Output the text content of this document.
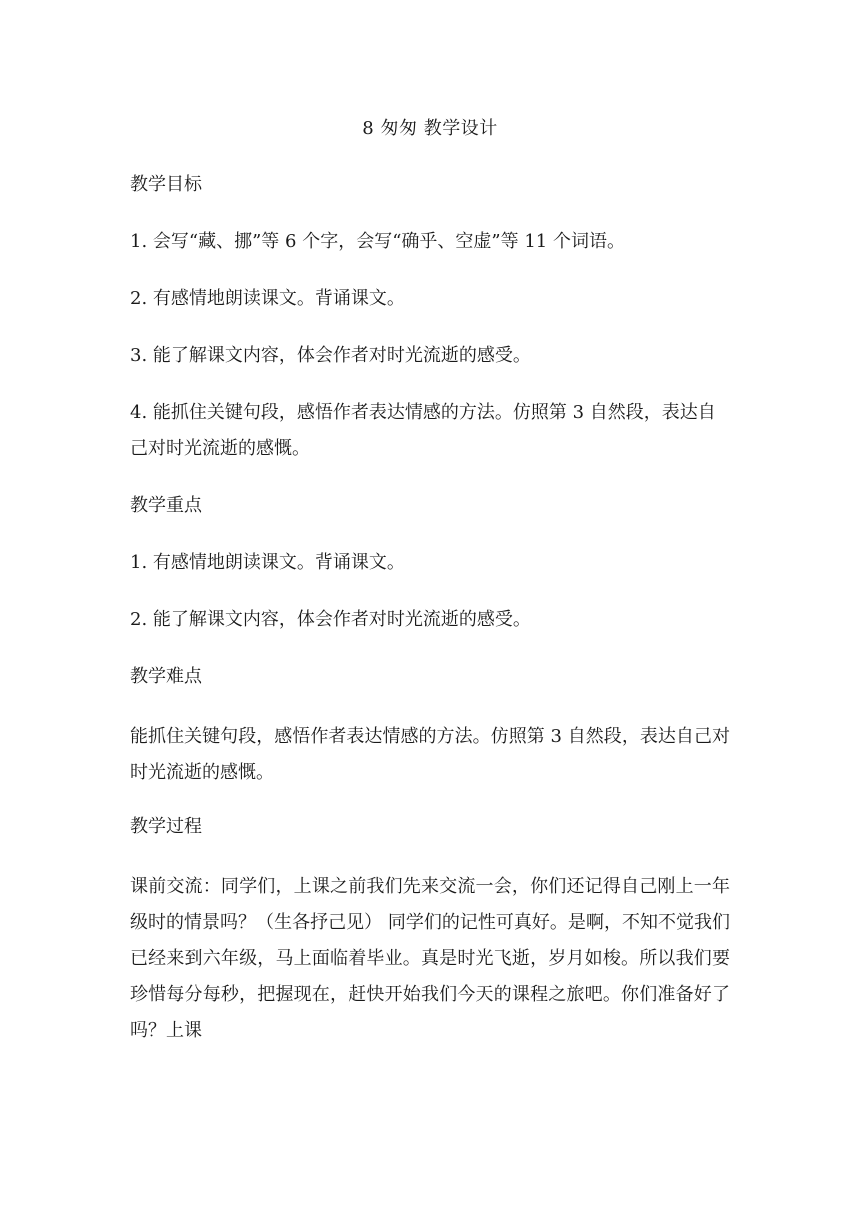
8 匆匆 教学设计
教学目标
1. 会写“藏、挪”等 6 个字，会写“确乎、空虚”等 11 个词语。
2. 有感情地朗读课文。背诵课文。
3. 能了解课文内容，体会作者对时光流逝的感受。
4. 能抓住关键句段，感悟作者表达情感的方法。仿照第 3 自然段，表达自己对时光流逝的感慨。
教学重点
1. 有感情地朗读课文。背诵课文。
2. 能了解课文内容，体会作者对时光流逝的感受。
教学难点
能抓住关键句段，感悟作者表达情感的方法。仿照第 3 自然段，表达自己对时光流逝的感慨。
教学过程
课前交流：同学们，上课之前我们先来交流一会，你们还记得自己刚上一年级时的情景吗？（生各抒己见） 同学们的记性可真好。是啊，不知不觉我们已经来到六年级，马上面临着毕业。真是时光飞逝，岁月如梭。所以我们要珍惜每分每秒，把握现在，赶快开始我们今天的课程之旅吧。你们准备好了吗？上课
